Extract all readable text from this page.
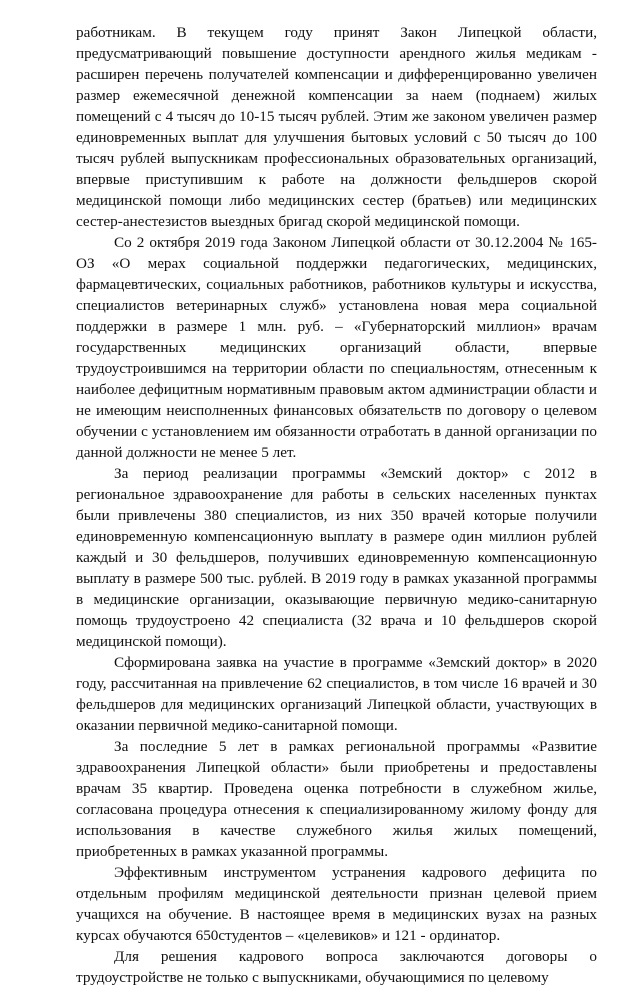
работникам. В текущем году принят Закон Липецкой области, предусматривающий повышение доступности арендного жилья медикам - расширен перечень получателей компенсации и дифференцированно увеличен размер ежемесячной денежной компенсации за наем (поднаем) жилых помещений с 4 тысяч до 10-15 тысяч рублей. Этим же законом увеличен размер единовременных выплат для улучшения бытовых условий с 50 тысяч до 100 тысяч рублей выпускникам профессиональных образовательных организаций, впервые приступившим к работе на должности фельдшеров скорой медицинской помощи либо медицинских сестер (братьев) или медицинских сестер-анестезистов выездных бригад скорой медицинской помощи.

Со 2 октября 2019 года Законом Липецкой области от 30.12.2004 № 165-ОЗ «О мерах социальной поддержки педагогических, медицинских, фармацевтических, социальных работников, работников культуры и искусства, специалистов ветеринарных служб» установлена новая мера социальной поддержки в размере 1 млн. руб. – «Губернаторский миллион» врачам государственных медицинских организаций области, впервые трудоустроившимся на территории области по специальностям, отнесенным к наиболее дефицитным нормативным правовым актом администрации области и не имеющим неисполненных финансовых обязательств по договору о целевом обучении с установлением им обязанности отработать в данной организации по данной должности не менее 5 лет.

За период реализации программы «Земский доктор» с 2012 в региональное здравоохранение для работы в сельских населенных пунктах были привлечены 380 специалистов, из них 350 врачей которые получили единовременную компенсационную выплату в размере один миллион рублей каждый и 30 фельдшеров, получивших единовременную компенсационную выплату в размере 500 тыс. рублей. В 2019 году в рамках указанной программы в медицинские организации, оказывающие первичную медико-санитарную помощь трудоустроено 42 специалиста (32 врача и 10 фельдшеров скорой медицинской помощи).

Сформирована заявка на участие в программе «Земский доктор» в 2020 году, рассчитанная на привлечение 62 специалистов, в том числе 16 врачей и 30 фельдшеров для медицинских организаций Липецкой области, участвующих в оказании первичной медико-санитарной помощи.

За последние 5 лет в рамках региональной программы «Развитие здравоохранения Липецкой области» были приобретены и предоставлены врачам 35 квартир. Проведена оценка потребности в служебном жилье, согласована процедура отнесения к специализированному жилому фонду для использования в качестве служебного жилья жилых помещений, приобретенных в рамках указанной программы.

Эффективным инструментом устранения кадрового дефицита по отдельным профилям медицинской деятельности признан целевой прием учащихся на обучение. В настоящее время в медицинских вузах на разных курсах обучаются 650студентов – «целевиков» и 121 - ординатор.

Для решения кадрового вопроса заключаются договоры о трудоустройстве не только с выпускниками, обучающимися по целевому
